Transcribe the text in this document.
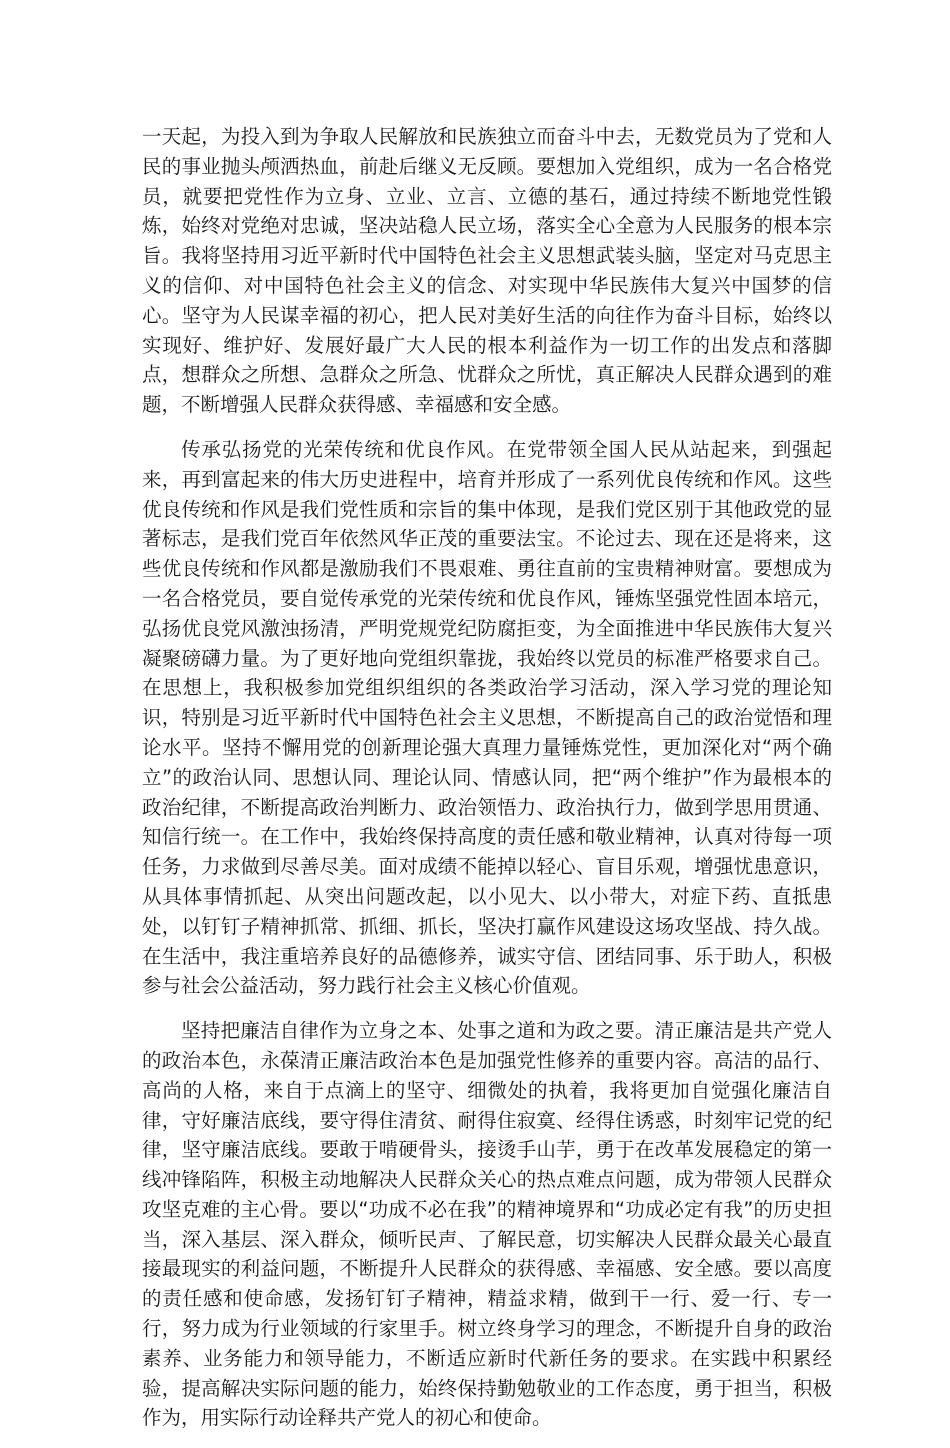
一天起，为投入到为争取人民解放和民族独立而奋斗中去，无数党员为了党和人民的事业抛头颅洒热血，前赴后继义无反顾。要想加入党组织，成为一名合格党员，就要把党性作为立身、立业、立言、立德的基石，通过持续不断地党性锻炼，始终对党绝对忠诚，坚决站稳人民立场，落实全心全意为人民服务的根本宗旨。我将坚持用习近平新时代中国特色社会主义思想武装头脑，坚定对马克思主义的信仰、对中国特色社会主义的信念、对实现中华民族伟大复兴中国梦的信心。坚守为人民谋幸福的初心，把人民对美好生活的向往作为奋斗目标，始终以实现好、维护好、发展好最广大人民的根本利益作为一切工作的出发点和落脚点，想群众之所想、急群众之所急、忧群众之所忧，真正解决人民群众遇到的难题，不断增强人民群众获得感、幸福感和安全感。

传承弘扬党的光荣传统和优良作风。在党带领全国人民从站起来，到强起来，再到富起来的伟大历史进程中，培育并形成了一系列优良传统和作风。这些优良传统和作风是我们党性质和宗旨的集中体现，是我们党区别于其他政党的显著标志，是我们党百年依然风华正茂的重要法宝。不论过去、现在还是将来，这些优良传统和作风都是激励我们不畏艰难、勇往直前的宝贵精神财富。要想成为一名合格党员，要自觉传承党的光荣传统和优良作风，锤炼坚强党性固本培元，弘扬优良党风激浊扬清，严明党规党纪防腐拒变，为全面推进中华民族伟大复兴凝聚磅礴力量。为了更好地向党组织靠拢，我始终以党员的标准严格要求自己。在思想上，我积极参加党组织组织的各类政治学习活动，深入学习党的理论知识，特别是习近平新时代中国特色社会主义思想，不断提高自己的政治觉悟和理论水平。坚持不懈用党的创新理论强大真理力量锤炼党性，更加深化对“两个确立”的政治认同、思想认同、理论认同、情感认同，把“两个维护”作为最根本的政治纪律，不断提高政治判断力、政治领悟力、政治执行力，做到学思用贯通、知信行统一。在工作中，我始终保持高度的责任感和敬业精神，认真对待每一项任务，力求做到尽善尽美。面对成绩不能掉以轻心、盲目乐观，增强忧患意识，从具体事情抓起、从突出问题改起，以小见大、以小带大，对症下药、直抵患处，以钉钉子精神抓常、抓细、抓长，坚决打赢作风建设这场攻坚战、持久战。在生活中，我注重培养良好的品德修养，诚实守信、团结同事、乐于助人，积极参与社会公益活动，努力践行社会主义核心价值观。

坚持把廉洁自律作为立身之本、处事之道和为政之要。清正廉洁是共产党人的政治本色，永葆清正廉洁政治本色是加强党性修养的重要内容。高洁的品行、高尚的人格，来自于点滴上的坚守、细微处的执着，我将更加自觉强化廉洁自律，守好廉洁底线，要守得住清贫、耐得住寂寞、经得住诱惑，时刻牢记党的纪律，坚守廉洁底线。要敢于啃硬骨头，接烫手山芋，勇于在改革发展稳定的第一线冲锋陷阵，积极主动地解决人民群众关心的热点难点问题，成为带领人民群众攻坚克难的主心骨。要以“功成不必在我”的精神境界和“功成必定有我”的历史担当，深入基层、深入群众，倾听民声、了解民意，切实解决人民群众最关心最直接最现实的利益问题，不断提升人民群众的获得感、幸福感、安全感。要以高度的责任感和使命感，发扬钉钉子精神，精益求精，做到干一行、爱一行、专一行，努力成为行业领域的行家里手。树立终身学习的理念，不断提升自身的政治素养、业务能力和领导能力，不断适应新时代新任务的要求。在实践中积累经验，提高解决实际问题的能力，始终保持勤勉敬业的工作态度，勇于担当，积极作为，用实际行动诠释共产党人的初心和使命。
